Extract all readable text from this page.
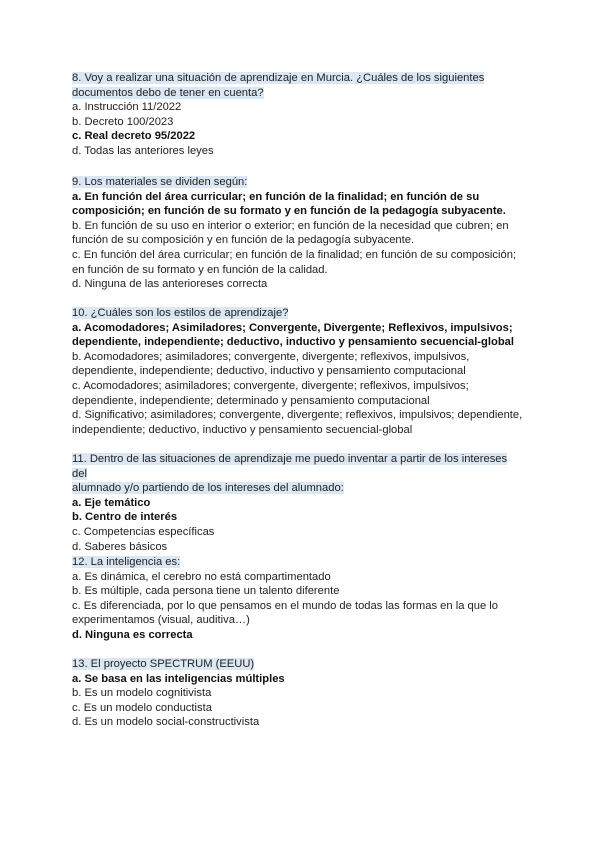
8. Voy a realizar una situación de aprendizaje en Murcia. ¿Cuáles de los siguientes
documentos debo de tener en cuenta?
a. Instrucción 11/2022
b. Decreto 100/2023
c. Real decreto 95/2022
d. Todas las anteriores leyes
9. Los materiales se dividen según:
a. En función del área curricular; en función de la finalidad; en función de su
composición; en función de su formato y en función de la pedagogía subyacente.
b. En función de su uso en interior o exterior; en función de la necesidad que cubren; en
función de su composición y en función de la pedagogía subyacente.
c. En función del área curricular; en función de la finalidad; en función de su composición;
en función de su formato y en función de la calidad.
d. Ninguna de las anterioreses correcta
10. ¿Cuáles son los estilos de aprendizaje?
a. Acomodadores; Asimiladores; Convergente, Divergente; Reflexivos, impulsivos;
dependiente, independiente; deductivo, inductivo y pensamiento secuencial-global
b. Acomodadores; asimiladores; convergente, divergente; reflexivos, impulsivos,
dependiente, independiente; deductivo, inductivo y pensamiento computacional
c. Acomodadores; asimiladores; convergente, divergente; reflexivos, impulsivos;
dependiente, independiente; determinado y pensamiento computacional
d. Significativo; asimiladores; convergente, divergente; reflexivos, impulsivos; dependiente,
independiente; deductivo, inductivo y pensamiento secuencial-global
11. Dentro de las situaciones de aprendizaje me puedo inventar a partir de los intereses del
alumnado y/o partiendo de los intereses del alumnado:
a. Eje temático
b. Centro de interés
c. Competencias específicas
d. Saberes básicos
12. La inteligencia es:
a. Es dinámica, el cerebro no está compartimentado
b. Es múltiple, cada persona tiene un talento diferente
c. Es diferenciada, por lo que pensamos en el mundo de todas las formas en la que lo
experimentamos (visual, auditiva…)
d. Ninguna es correcta
13. El proyecto SPECTRUM (EEUU)
a. Se basa en las inteligencias múltiples
b. Es un modelo cognitivista
c. Es un modelo conductista
d. Es un modelo social-constructivista
